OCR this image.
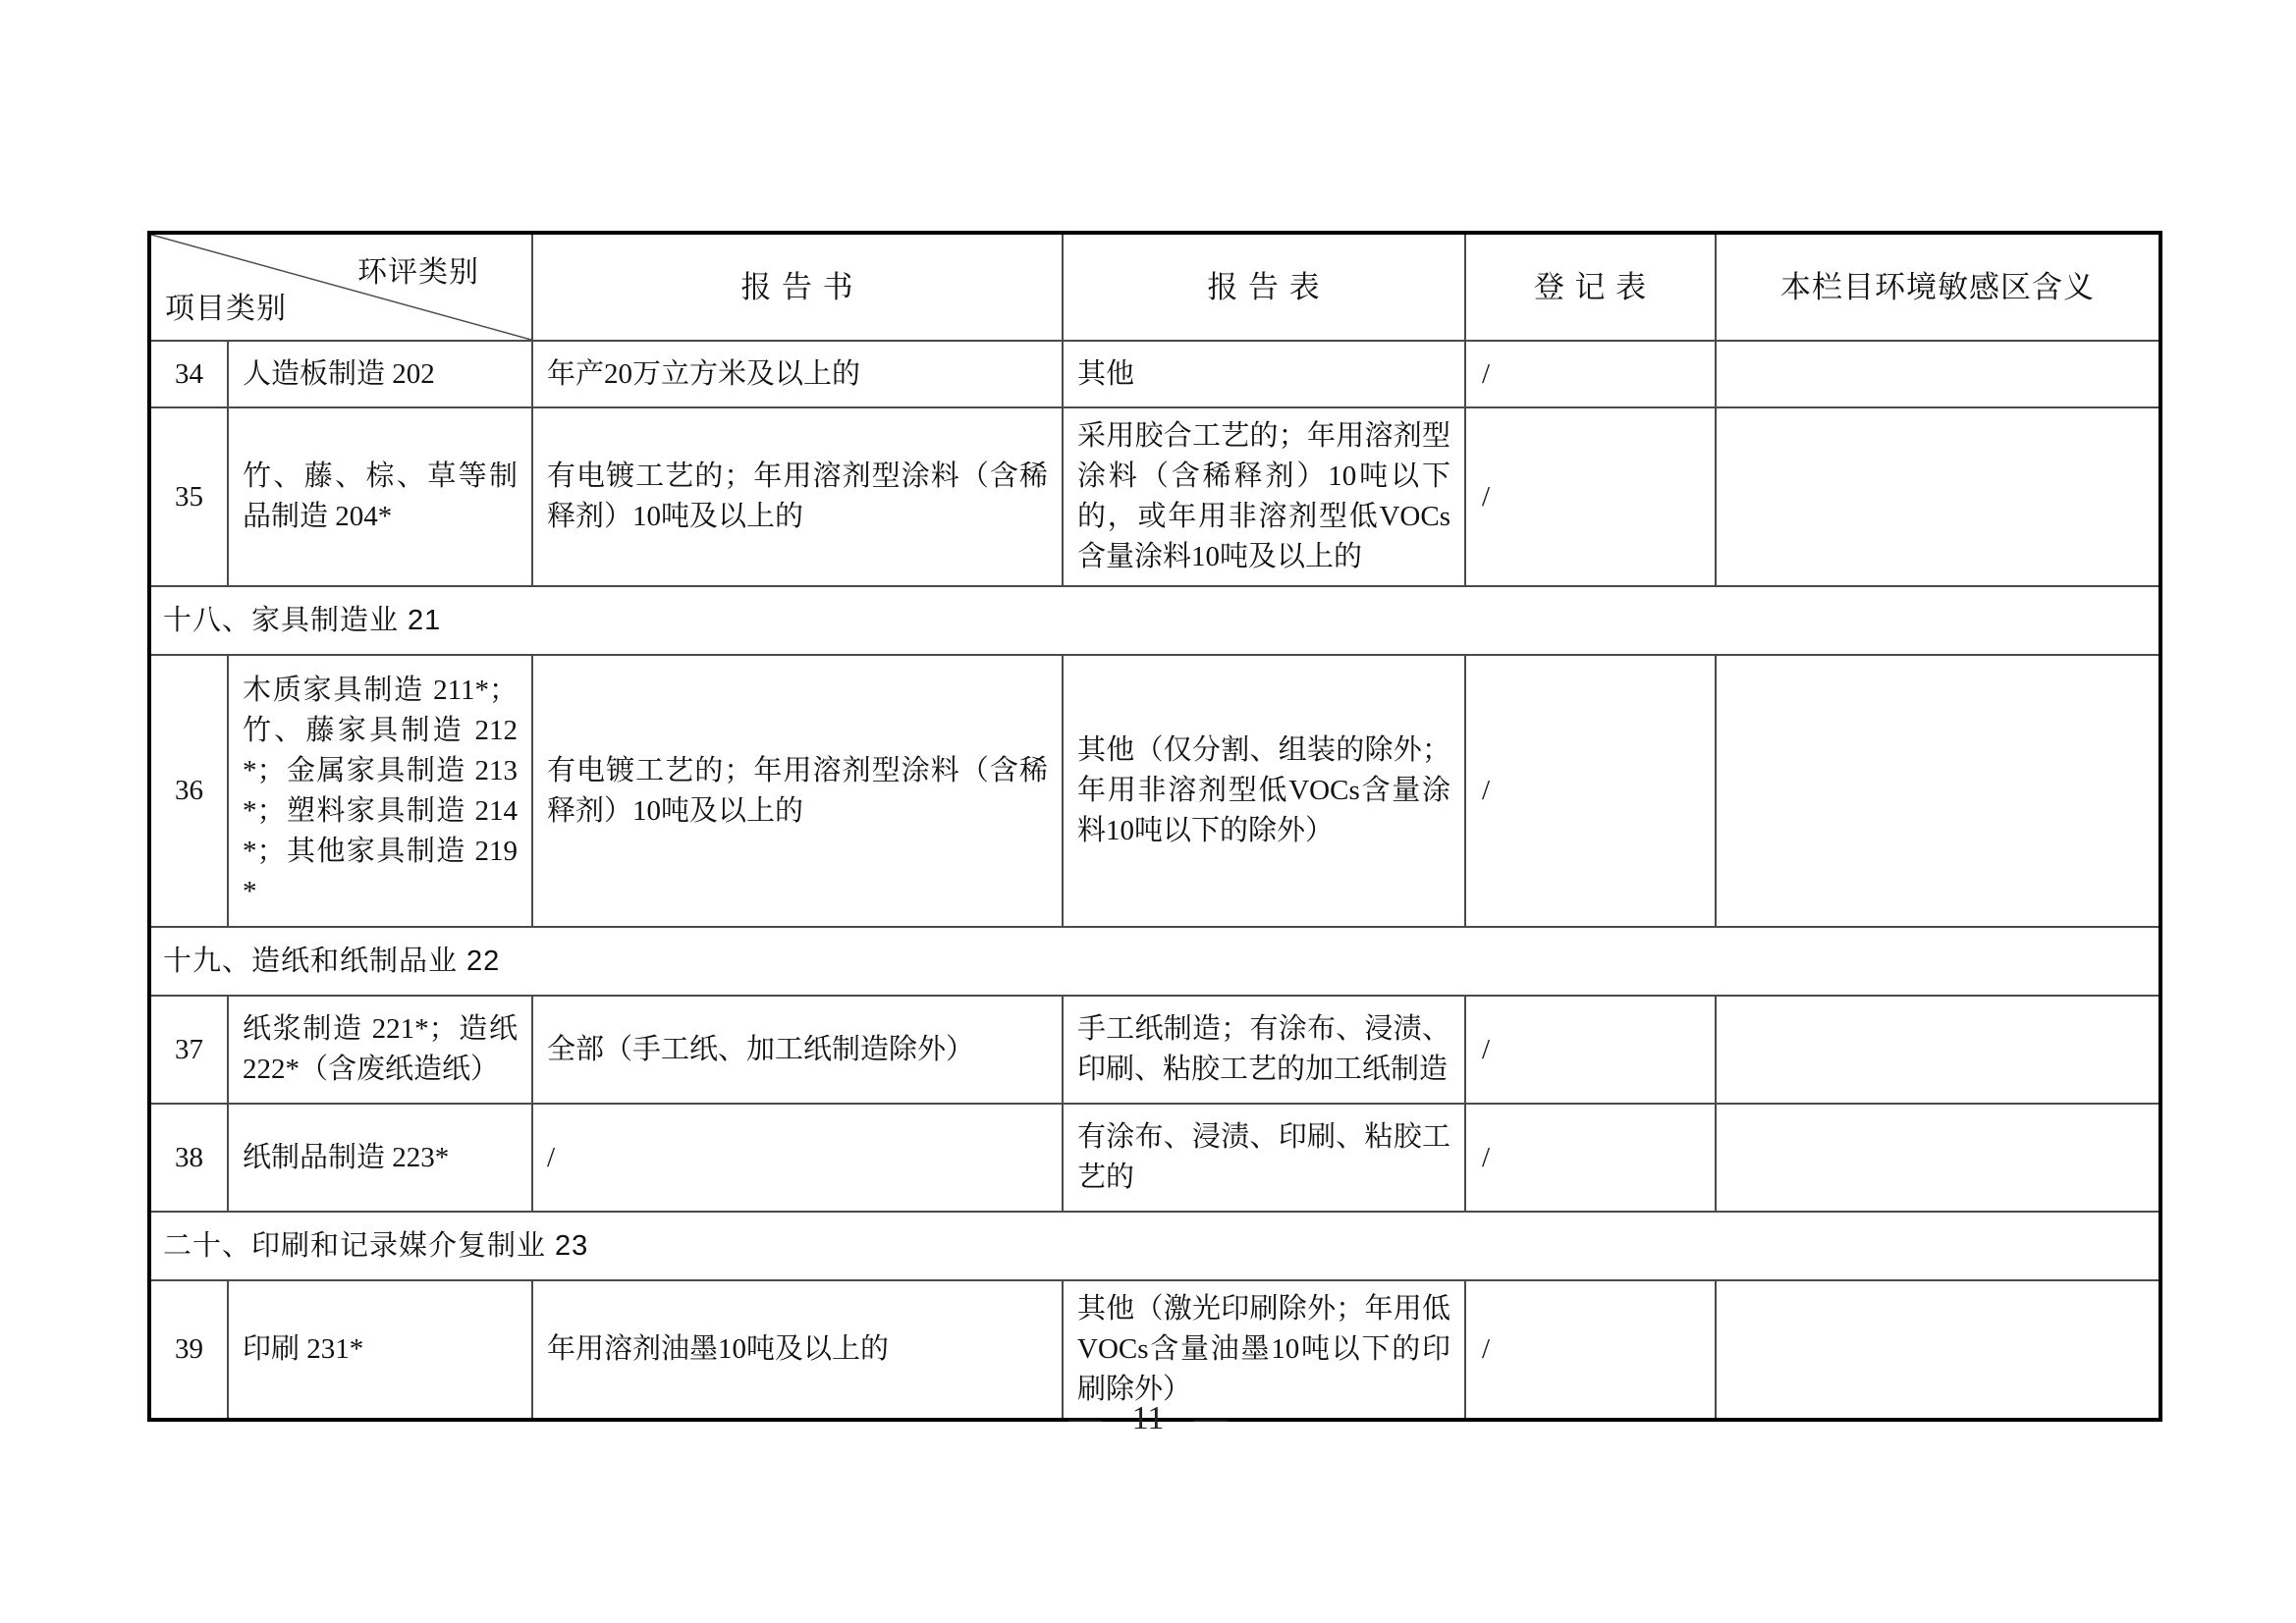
环评类别
项目类别		报 告 书	报 告 表	登 记 表	本栏目环境敏感区含义
34	人造板制造 202	年产20万立方米及以上的	其他	/	
35	竹、藤、棕、草等制品制造 204*	有电镀工艺的；年用溶剂型涂料（含稀释剂）10吨及以上的	采用胶合工艺的；年用溶剂型涂料（含稀释剂）10吨以下的，或年用非溶剂型低VOCs含量涂料10吨及以上的	/	
十八、家具制造业 21					
36	木质家具制造 211*；竹、藤家具制造 212*；金属家具制造 213*；塑料家具制造 214*；其他家具制造 219*	有电镀工艺的；年用溶剂型涂料（含稀释剂）10吨及以上的	其他（仅分割、组装的除外；年用非溶剂型低VOCs含量涂料10吨以下的除外）	/	
十九、造纸和纸制品业 22					
37	纸浆制造 221*；造纸 222*（含废纸造纸）	全部（手工纸、加工纸制造除外）	手工纸制造；有涂布、浸渍、印刷、粘胶工艺的加工纸制造	/	
38	纸制品制造 223*	/	有涂布、浸渍、印刷、粘胶工艺的	/	
二十、印刷和记录媒介复制业 23					
39	印刷 231*	年用溶剂油墨10吨及以上的	其他（激光印刷除外；年用低VOCs含量油墨10吨以下的印刷除外）	/	
— 11 —
